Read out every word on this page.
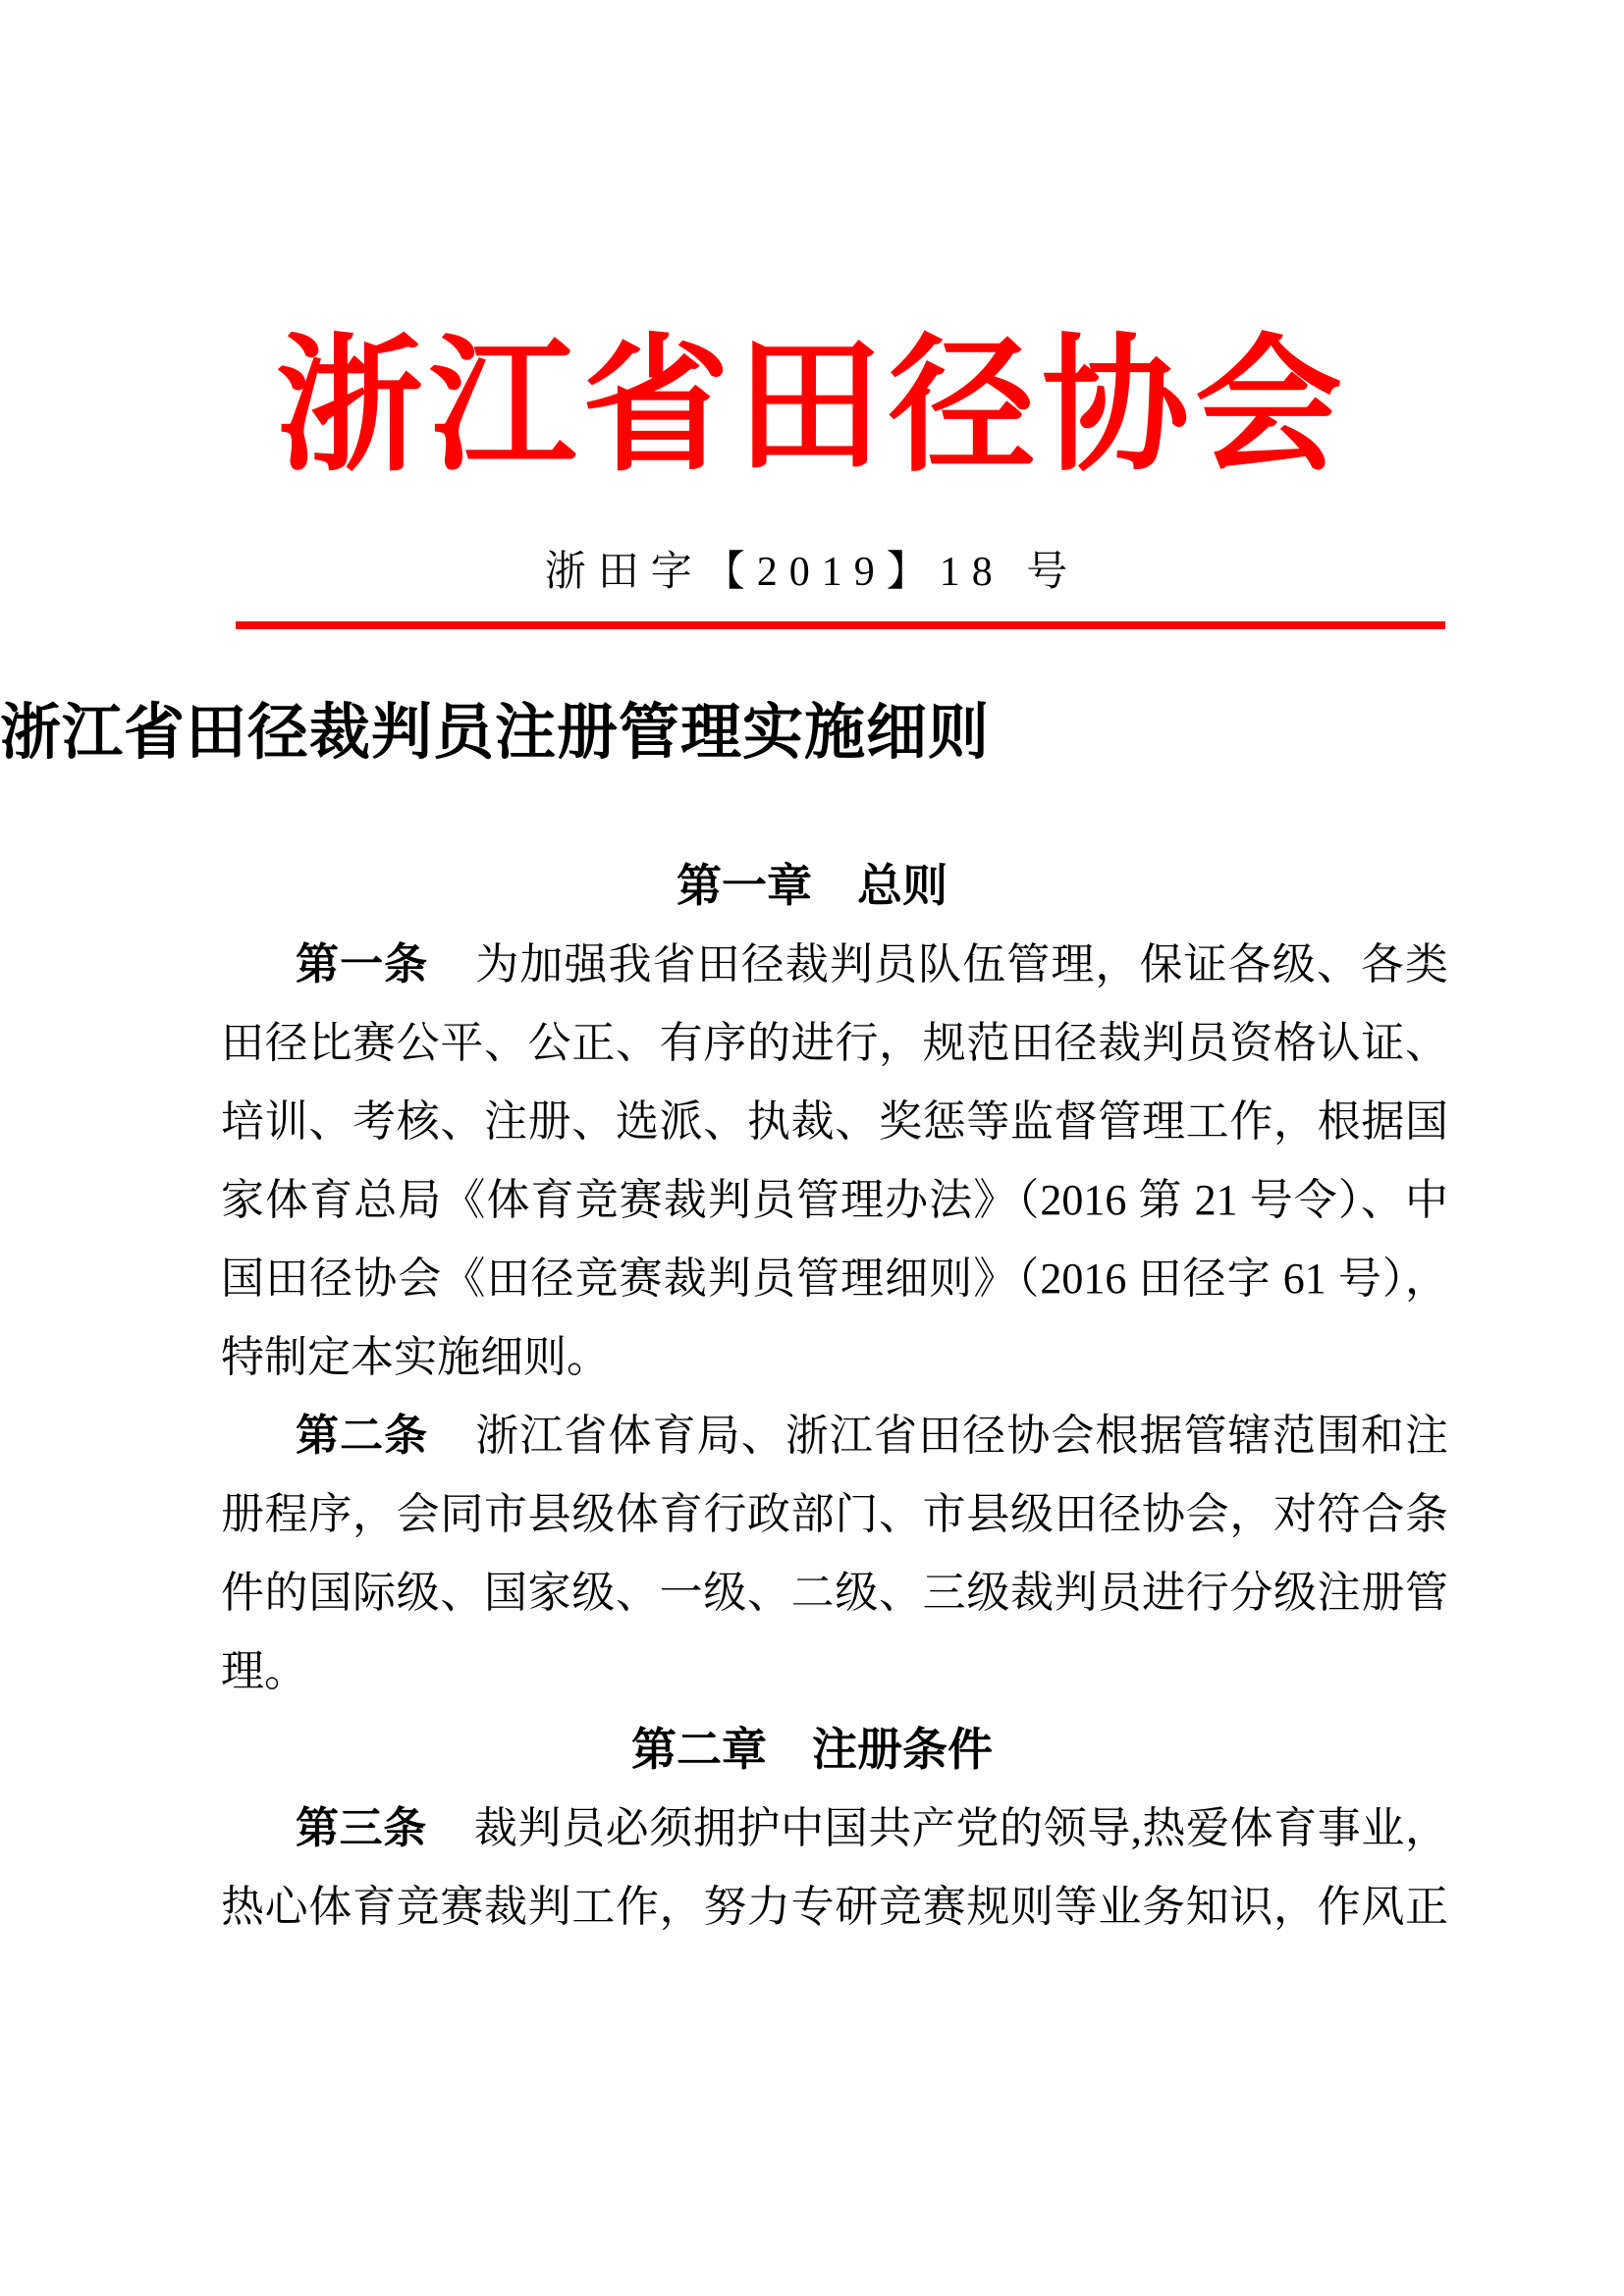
浙江省田径协会
浙田字【2019】18 号
浙江省田径裁判员注册管理实施细则
第一章　总则

第一条 为加强我省田径裁判员队伍管理，保证各级、各类

田径比赛公平、公正、有序的进行，规范田径裁判员资格认证、

培训、考核、注册、选派、执裁、奖惩等监督管理工作，根据国

家体育总局《体育竞赛裁判员管理办法》（2016 第 21 号令）、中

国田径协会《田径竞赛裁判员管理细则》（2016 田径字 61 号），

特制定本实施细则。

第二条 浙江省体育局、浙江省田径协会根据管辖范围和注

册程序，会同市县级体育行政部门、市县级田径协会，对符合条

件的国际级、国家级、一级、二级、三级裁判员进行分级注册管

理。

第二章　注册条件

第三条 裁判员必须拥护中国共产党的领导,热爱体育事业，

热心体育竞赛裁判工作，努力专研竞赛规则等业务知识，作风正
